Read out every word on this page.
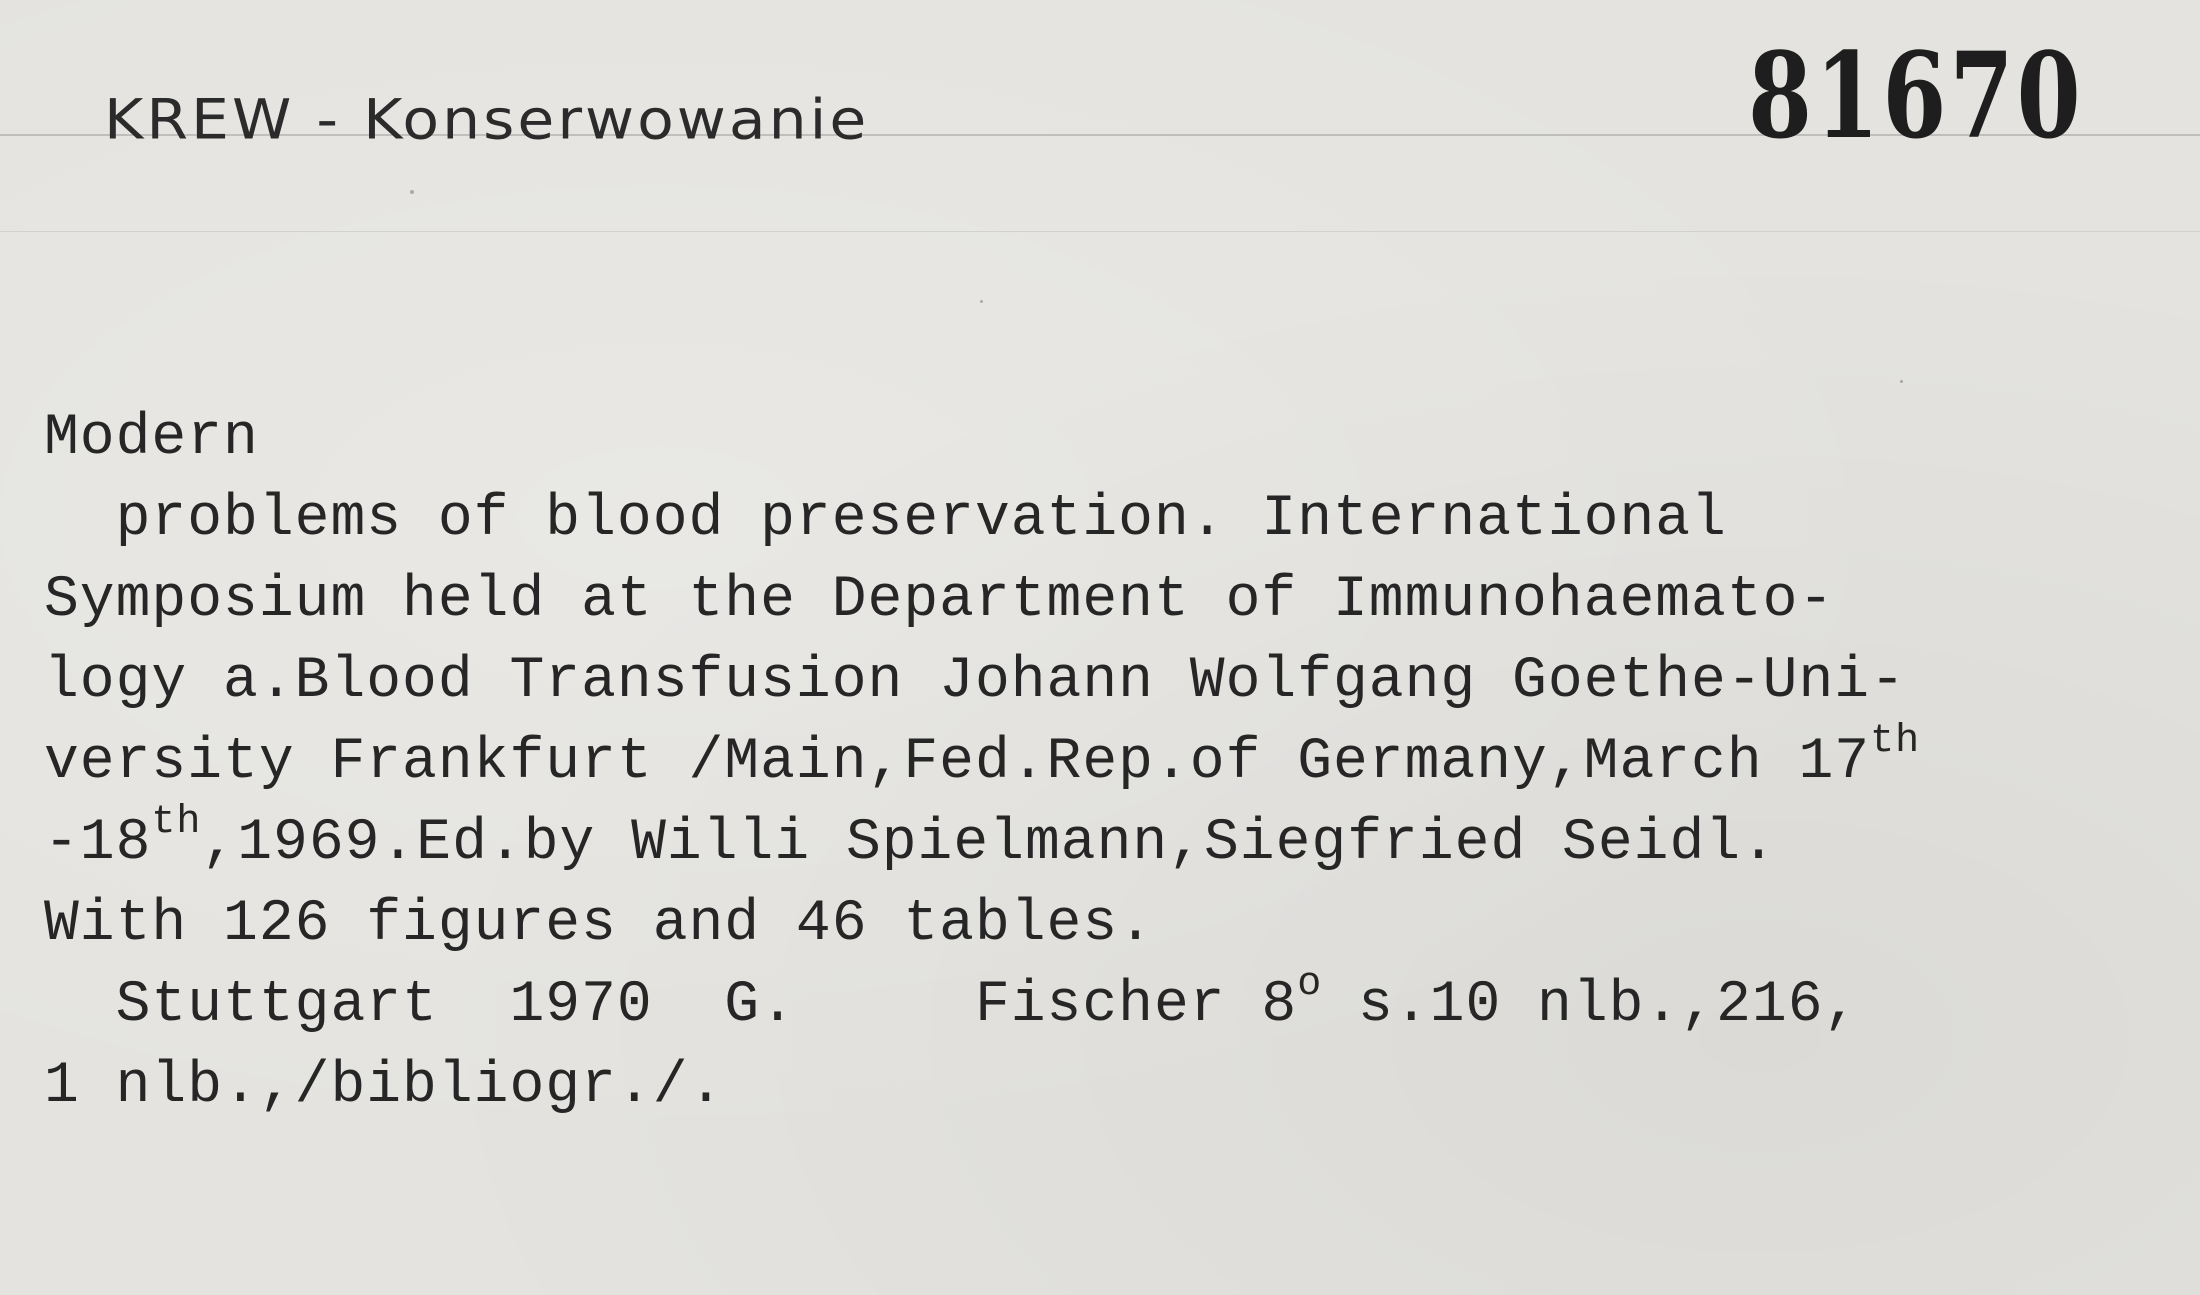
KREW - Konserwowanie	81670
Modern
problems of blood preservation. International
Symposium held at the Department of Immunohaemato-
logy a.Blood Transfusion Johann Wolfgang Goethe-Uni-
versity Frankfurt /Main,Fed.Rep.of Germany,March 17th
-18th,1969.Ed.by Willi Spielmann,Siegfried Seidl.
With 126 figures and 46 tables.
Stuttgart  1970  G.     Fischer 8$^o$ s.10 nlb.,216,
1 nlb.,/bibliogr./.
